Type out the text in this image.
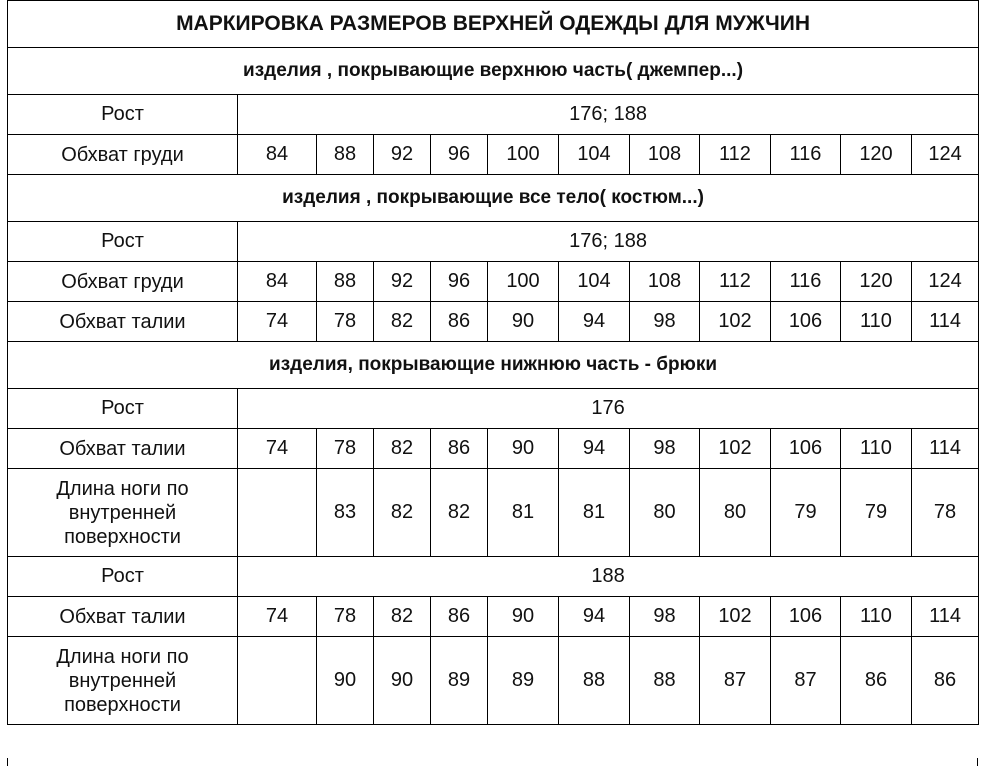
МАРКИРОВКА РАЗМЕРОВ ВЕРХНЕЙ ОДЕЖДЫ ДЛЯ МУЖЧИН											
изделия , покрывающие верхнюю часть( джемпер...)											
Рост	176; 188										
Обхват груди	84	88	92	96	100	104	108	112	116	120	124
изделия , покрывающие все тело( костюм...)											
Рост	176; 188										
Обхват груди	84	88	92	96	100	104	108	112	116	120	124
Обхват талии	74	78	82	86	90	94	98	102	106	110	114
изделия, покрывающие нижнюю часть - брюки											
Рост	176										
Обхват талии	74	78	82	86	90	94	98	102	106	110	114

Длина ноги по
внутренней
поверхности		83	82	82	81	81	80	80	79	79	78
Рост	188										
Обхват талии	74	78	82	86	90	94	98	102	106	110	114

Длина ноги по
внутренней
поверхности		90	90	89	89	88	88	87	87	86	86
